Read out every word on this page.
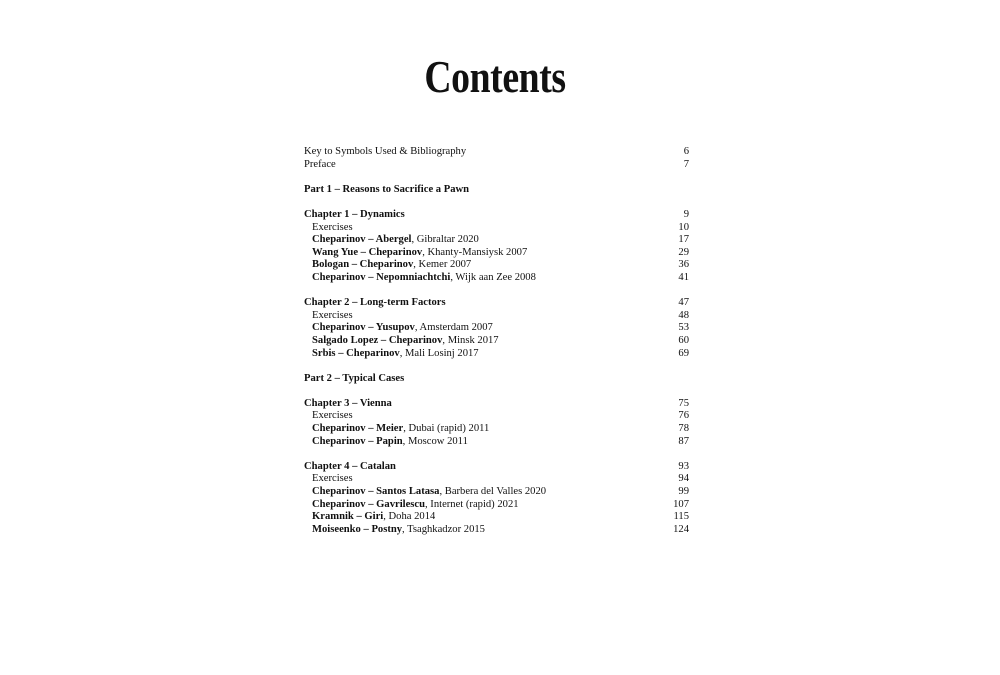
Contents
Key to Symbols Used & Bibliography	6
Preface	7
Part 1 – Reasons to Sacrifice a Pawn
Chapter 1 – Dynamics	9
Exercises	10
Cheparinov – Abergel, Gibraltar 2020	17
Wang Yue – Cheparinov, Khanty-Mansiysk 2007	29
Bologan – Cheparinov, Kemer 2007	36
Cheparinov – Nepomniachtchi, Wijk aan Zee 2008	41
Chapter 2 – Long-term Factors	47
Exercises	48
Cheparinov – Yusupov, Amsterdam 2007	53
Salgado Lopez – Cheparinov, Minsk 2017	60
Srbis – Cheparinov, Mali Losinj 2017	69
Part 2 – Typical Cases
Chapter 3 – Vienna	75
Exercises	76
Cheparinov – Meier, Dubai (rapid) 2011	78
Cheparinov – Papin, Moscow 2011	87
Chapter 4 – Catalan	93
Exercises	94
Cheparinov – Santos Latasa, Barbera del Valles 2020	99
Cheparinov – Gavrilescu, Internet (rapid) 2021	107
Kramnik – Giri, Doha 2014	115
Moiseenko – Postny, Tsaghkadzor 2015	124
